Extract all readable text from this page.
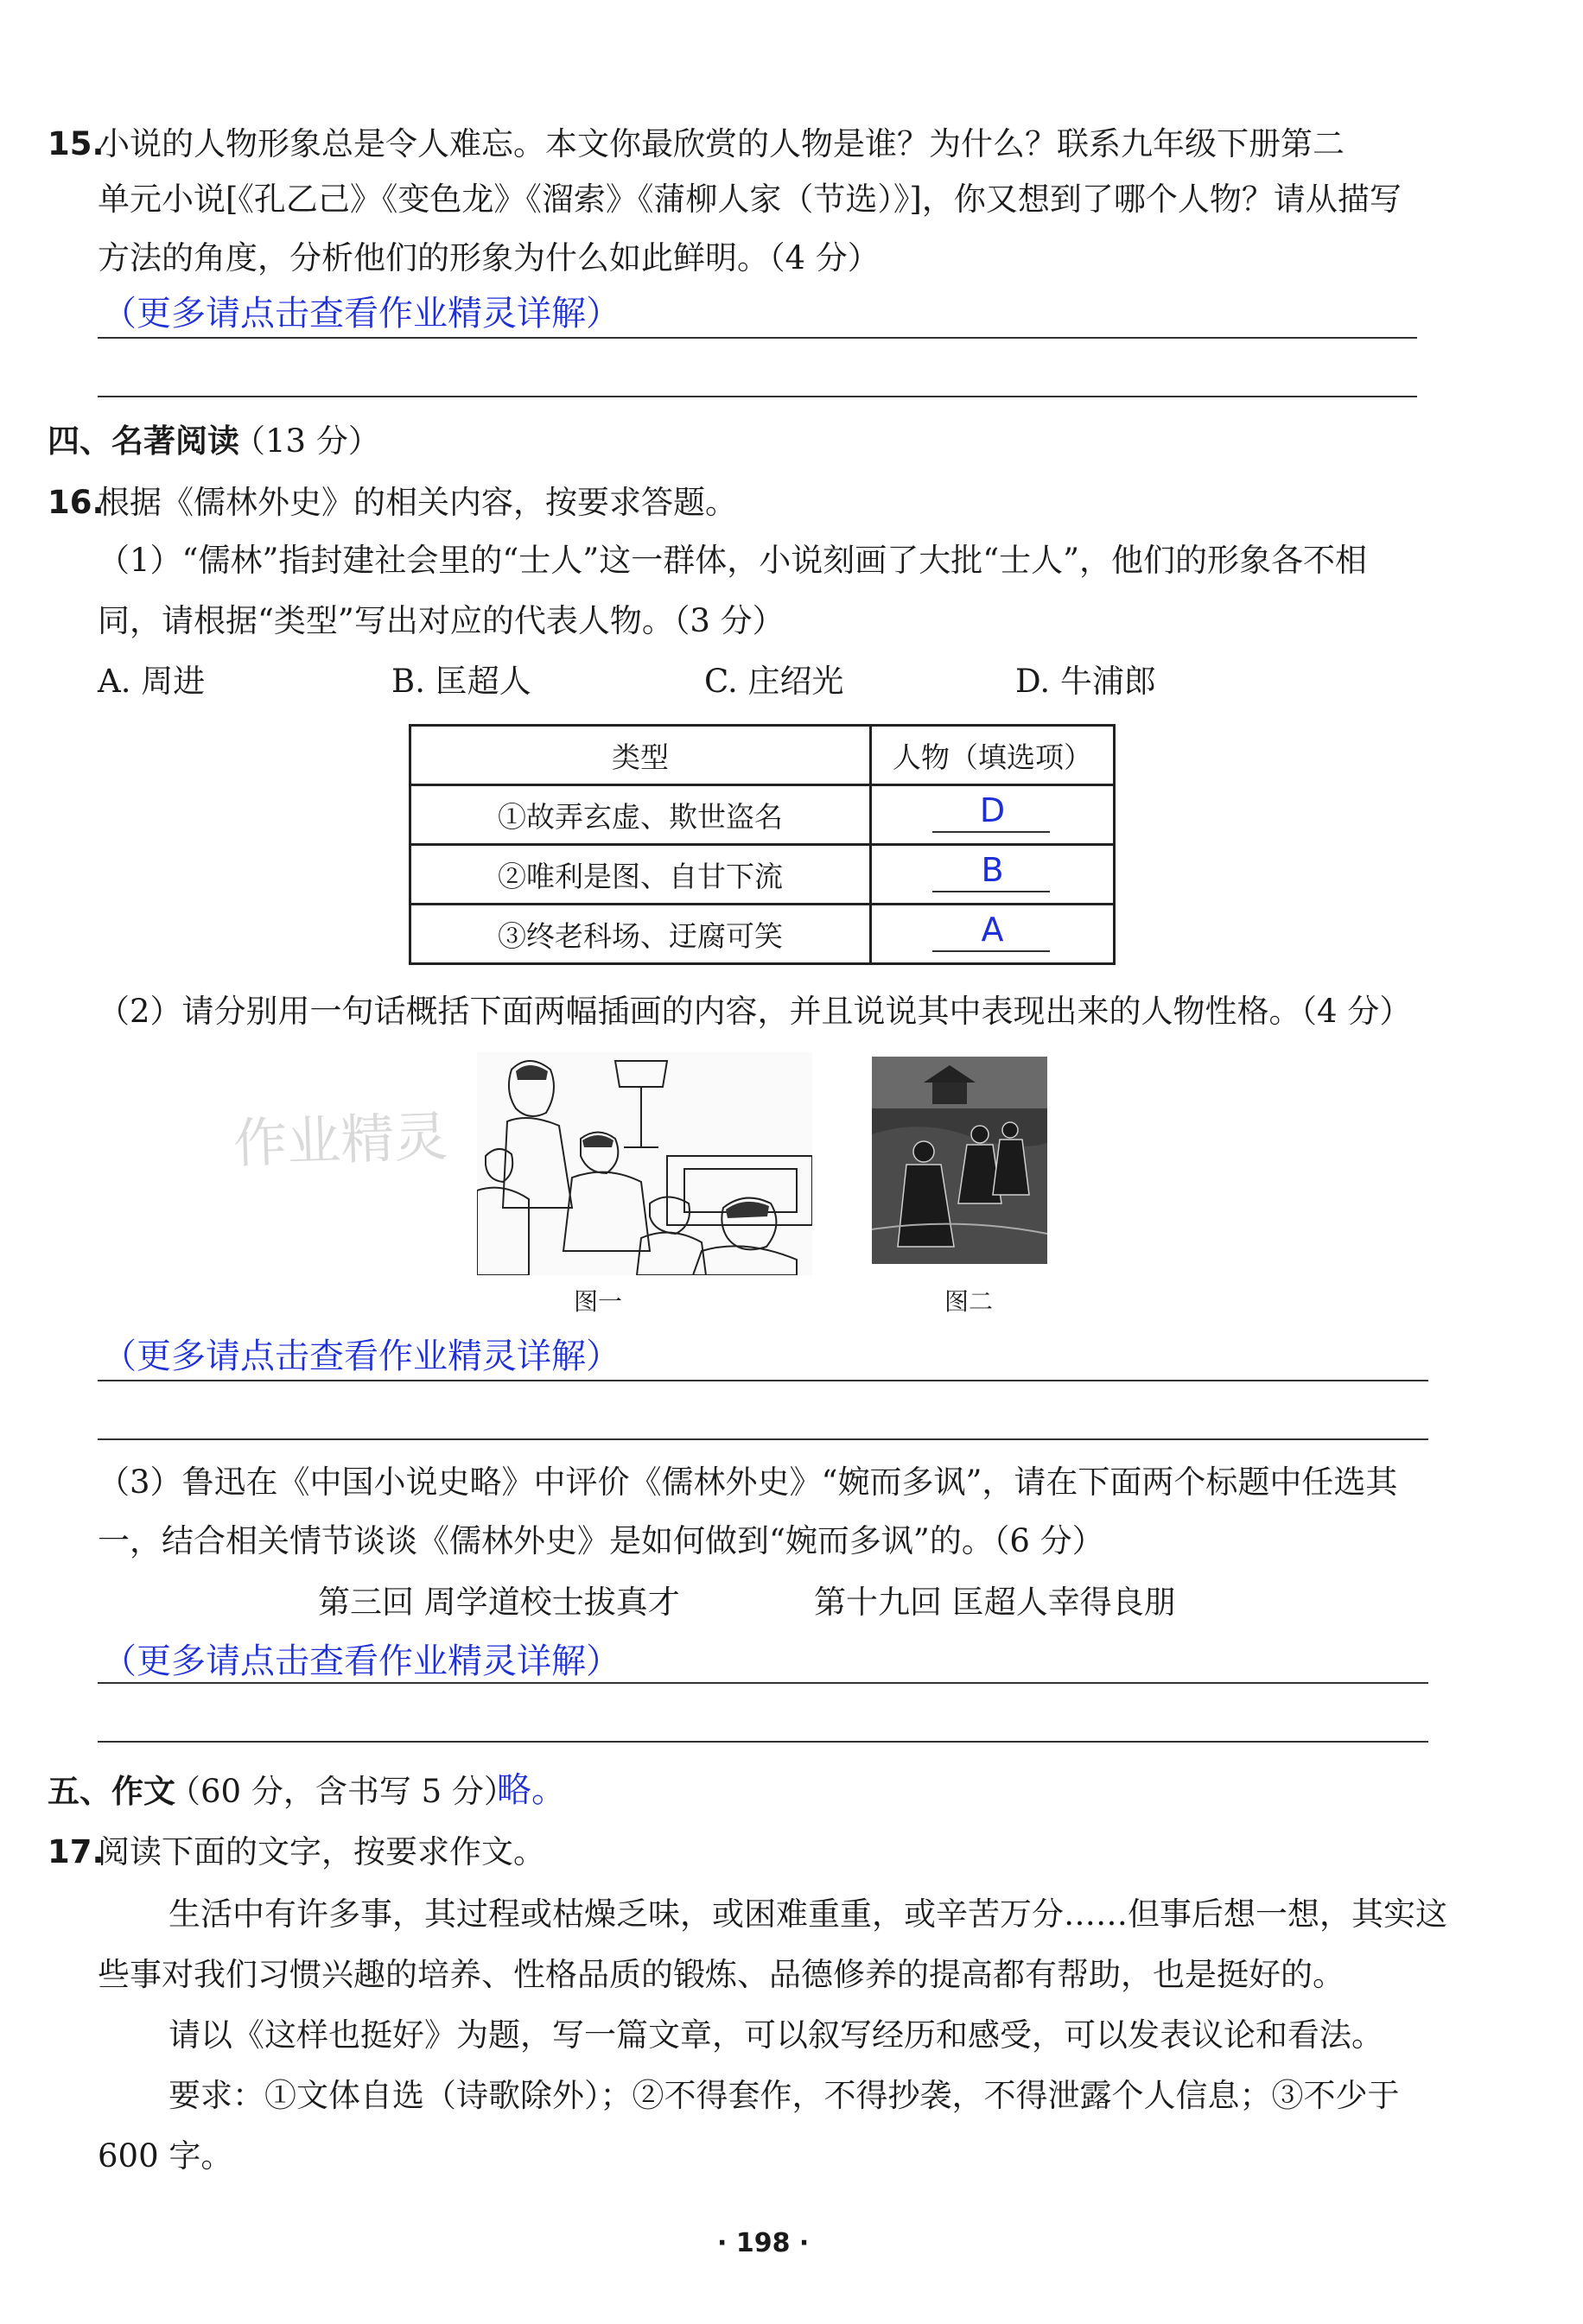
15.
小说的人物形象总是令人难忘。本文你最欣赏的人物是谁？为什么？联系九年级下册第二
单元小说[《孔乙己》《变色龙》《溜索》《蒲柳人家（节选）》]，你又想到了哪个人物？请从描写
方法的角度，分析他们的形象为什么如此鲜明。（4 分）
（更多请点击查看作业精灵详解）
四、名著阅读
（13 分）
16.
根据《儒林外史》的相关内容，按要求答题。
（1）“儒林”指封建社会里的“士人”这一群体，小说刻画了大批“士人”，他们的形象各不相
同，请根据“类型”写出对应的代表人物。（3 分）
A. 周进	B. 匡超人	C. 庄绍光	D. 牛浦郎
类型	人物（填选项）
①故弄玄虚、欺世盗名	D

②唯利是图、自甘下流	B

③终老科场、迂腐可笑	A
（2）请分别用一句话概括下面两幅插画的内容，并且说说其中表现出来的人物性格。（4 分）
作业精灵
图一	图二
（更多请点击查看作业精灵详解）
（3）鲁迅在《中国小说史略》中评价《儒林外史》“婉而多讽”，请在下面两个标题中任选其
一，结合相关情节谈谈《儒林外史》是如何做到“婉而多讽”的。（6 分）
第三回 周学道校士拔真才	第十九回 匡超人幸得良朋
（更多请点击查看作业精灵详解）
五、作文
（60 分，含书写 5 分）
略。
17.
阅读下面的文字，按要求作文。
生活中有许多事，其过程或枯燥乏味，或困难重重，或辛苦万分……但事后想一想，其实这
些事对我们习惯兴趣的培养、性格品质的锻炼、品德修养的提高都有帮助，也是挺好的。
请以《这样也挺好》为题，写一篇文章，可以叙写经历和感受，可以发表议论和看法。
要求：①文体自选（诗歌除外）；②不得套作，不得抄袭，不得泄露个人信息；③不少于
600 字。
· 198 ·
